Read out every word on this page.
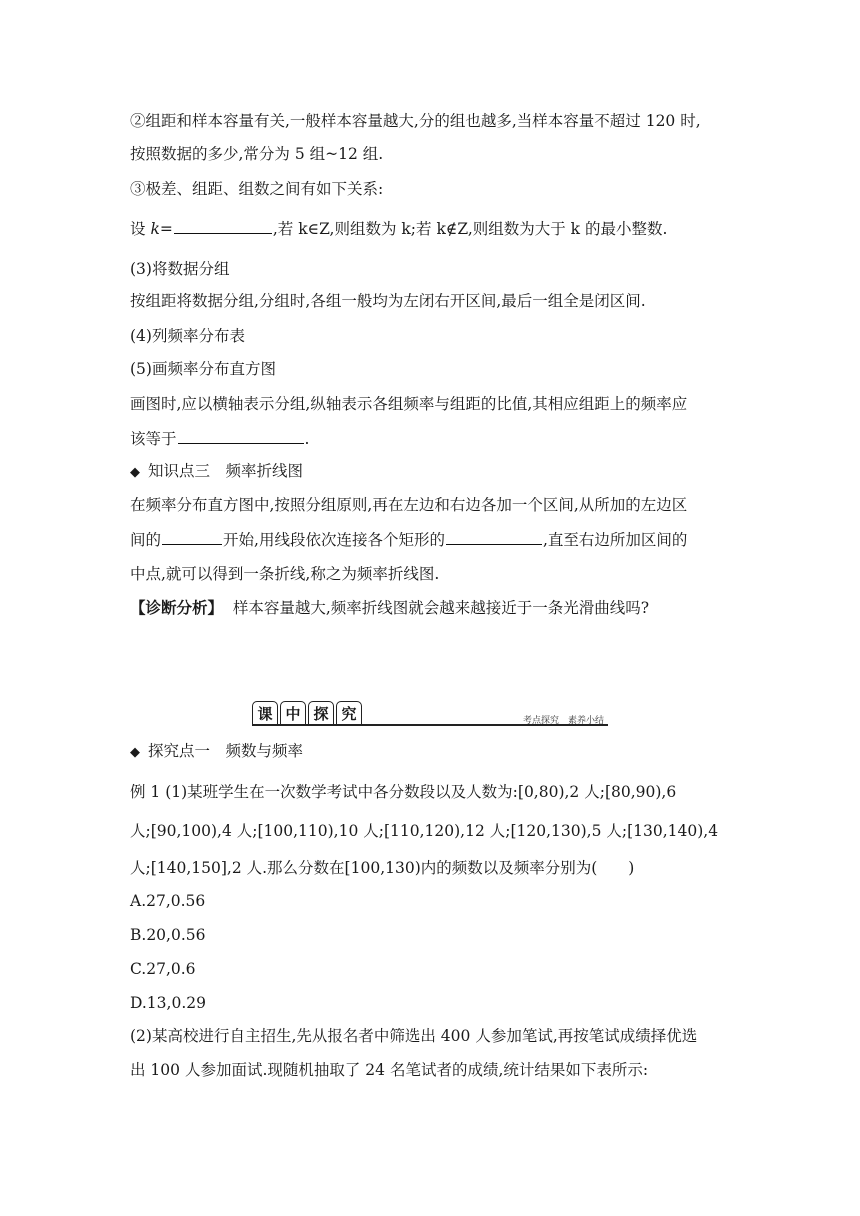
②组距和样本容量有关,一般样本容量越大,分的组也越多,当样本容量不超过 120 时,
按照数据的多少,常分为 5 组~12 组.
③极差、组距、组数之间有如下关系:
设 k=	,若 k∈Z,则组数为 k;若 k∉Z,则组数为大于 k 的最小整数.
(3)将数据分组
按组距将数据分组,分组时,各组一般均为左闭右开区间,最后一组全是闭区间.
(4)列频率分布表
(5)画频率分布直方图
画图时,应以横轴表示分组,纵轴表示各组频率与组距的比值,其相应组距上的频率应
该等于	.
◆ 知识点三　频率折线图
在频率分布直方图中,按照分组原则,再在左边和右边各加一个区间,从所加的左边区
间的	开始,用线段依次连接各个矩形的	,直至右边所加区间的
中点,就可以得到一条折线,称之为频率折线图.
【诊断分析】 样本容量越大,频率折线图就会越来越接近于一条光滑曲线吗?
课 中 探 究	考点探究　素养小结
◆ 探究点一　频数与频率
例 1 (1)某班学生在一次数学考试中各分数段以及人数为:[0,80),2 人;[80,90),6
人;[90,100),4 人;[100,110),10 人;[110,120),12 人;[120,130),5 人;[130,140),4
人;[140,150],2 人.那么分数在[100,130)内的频数以及频率分别为(　　)
A.27,0.56
B.20,0.56
C.27,0.6
D.13,0.29
(2)某高校进行自主招生,先从报名者中筛选出 400 人参加笔试,再按笔试成绩择优选
出 100 人参加面试.现随机抽取了 24 名笔试者的成绩,统计结果如下表所示:
